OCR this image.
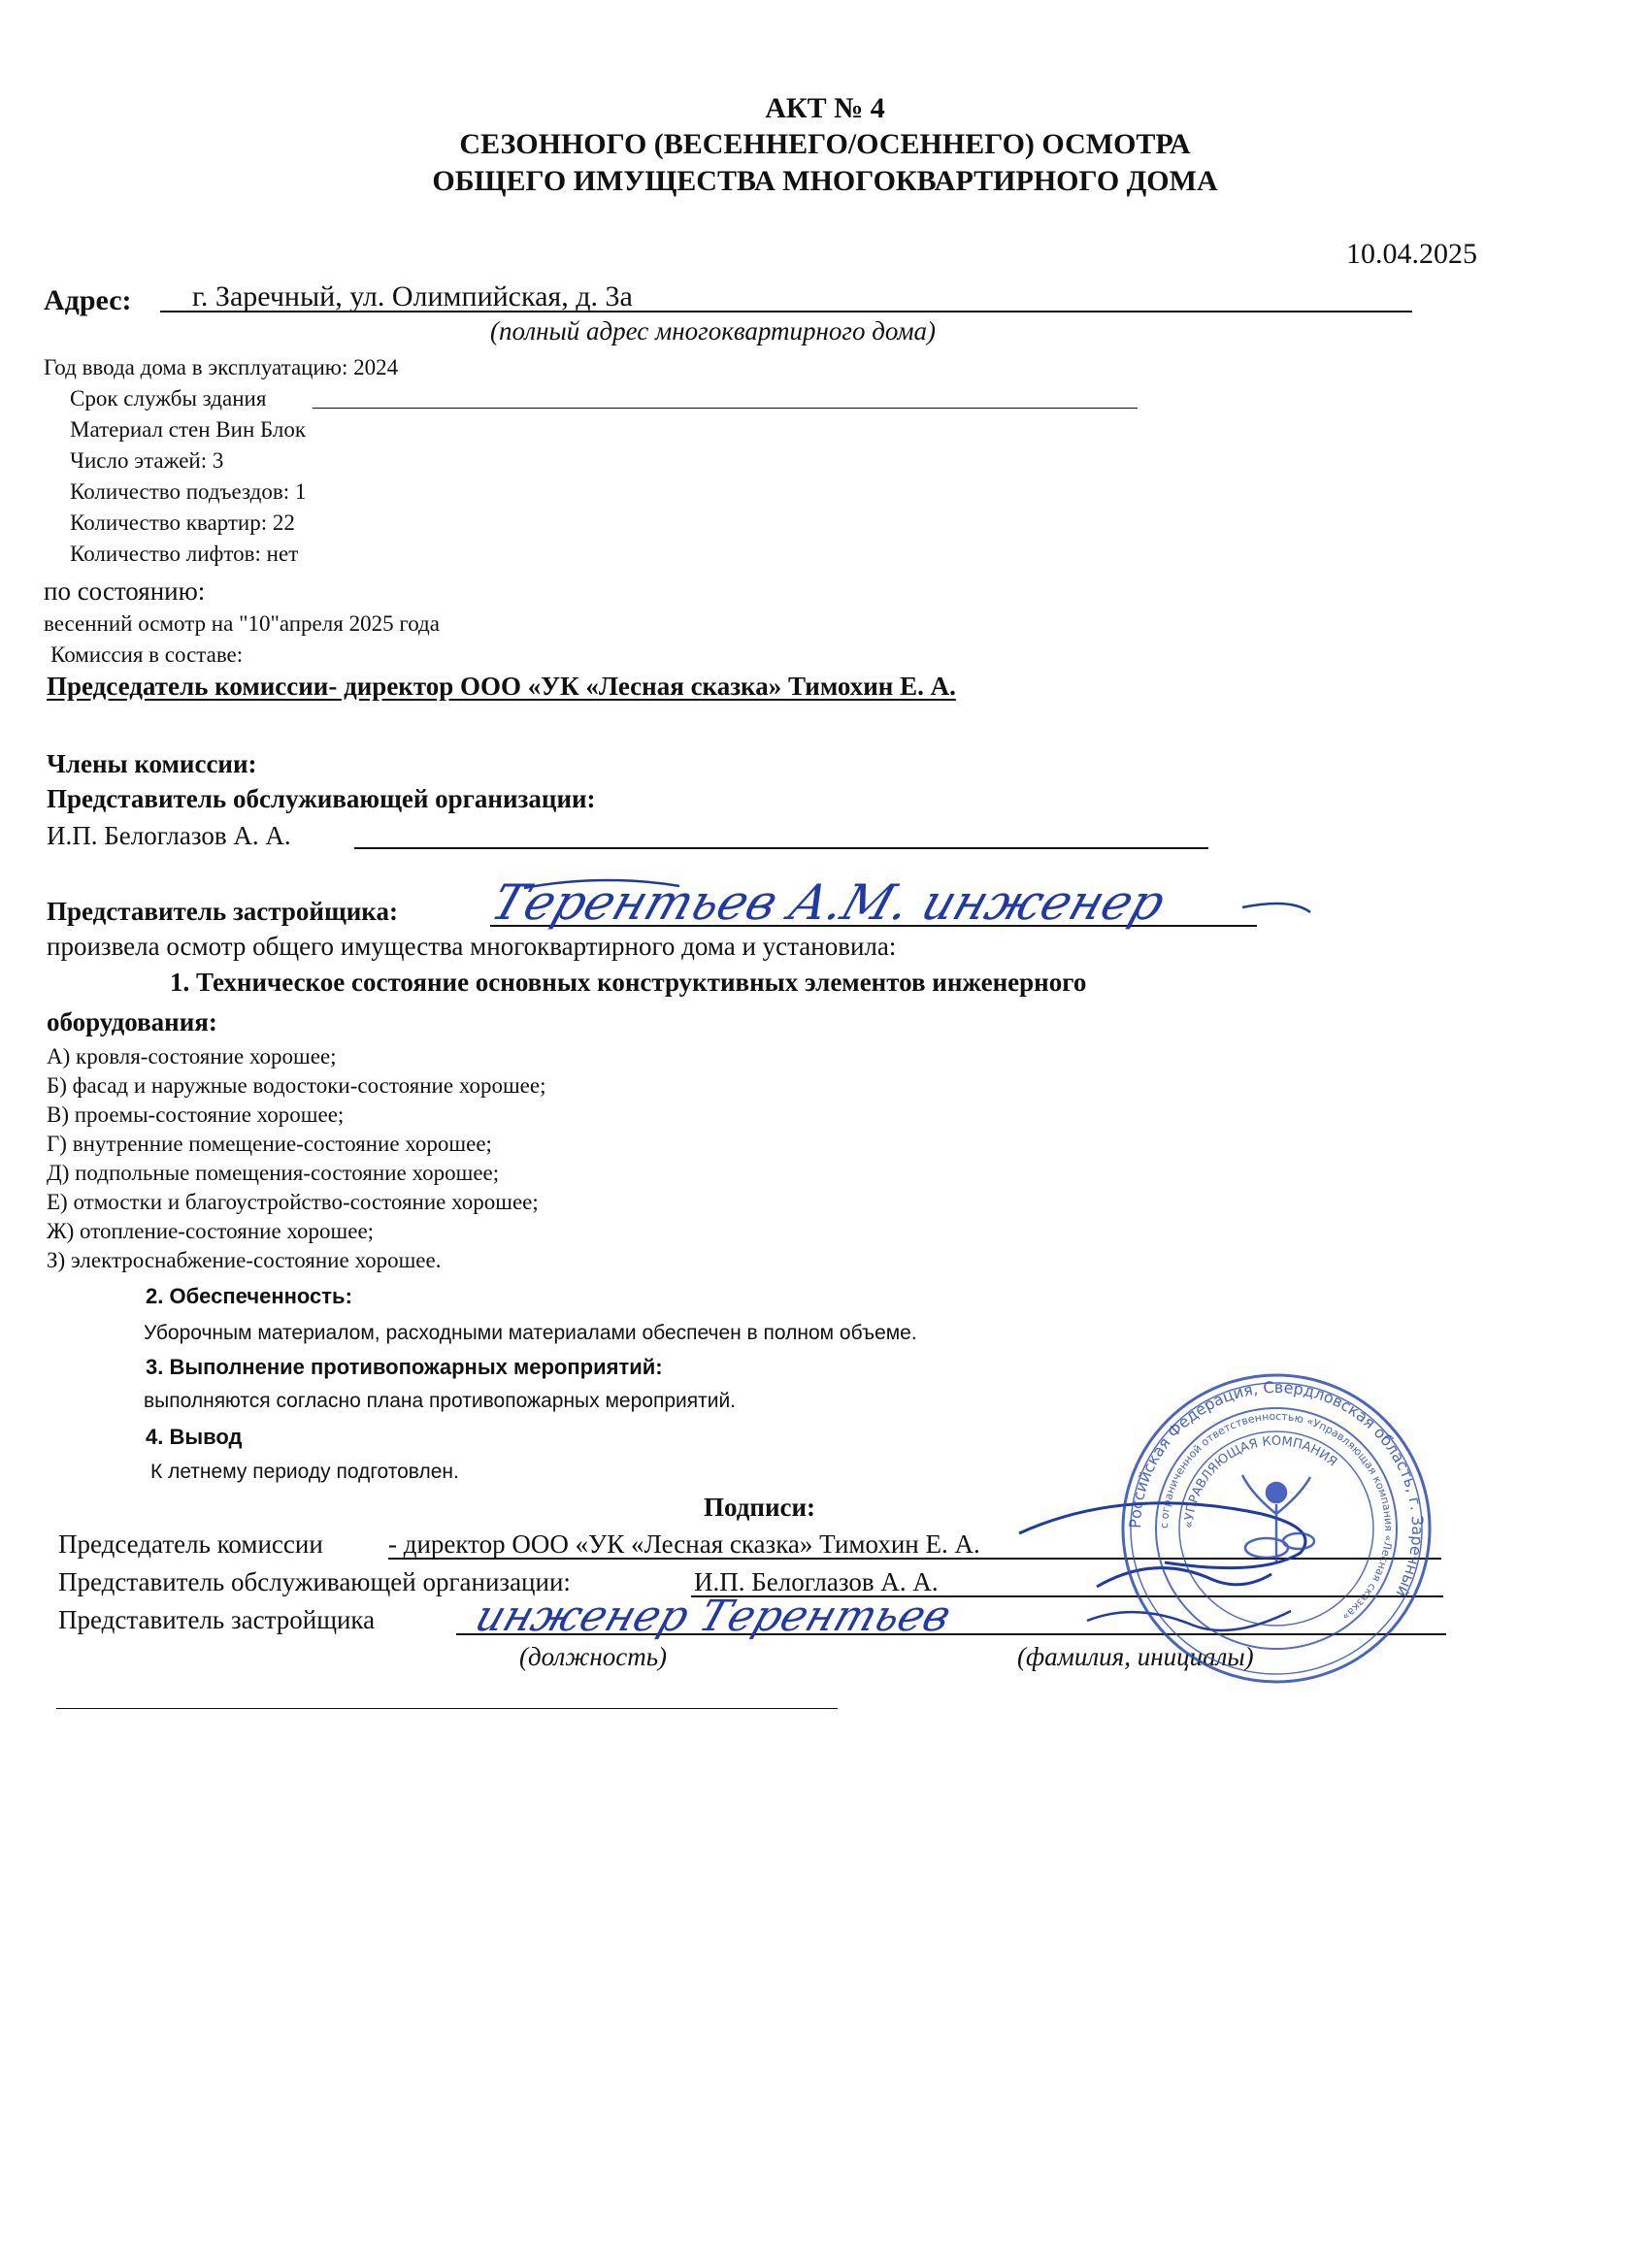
АКТ № 4
СЕЗОННОГО (ВЕСЕННЕГО/ОСЕННЕГО) ОСМОТРА
ОБЩЕГО ИМУЩЕСТВА МНОГОКВАРТИРНОГО ДОМА
10.04.2025
Адрес: г. Заречный, ул. Олимпийская, д. 3а
(полный адрес многоквартирного дома)
Год ввода дома в эксплуатацию: 2024
Срок службы здания
Материал стен Вин Блок
Число этажей: 3
Количество подъездов: 1
Количество квартир: 22
Количество лифтов: нет
по состоянию:
весенний осмотр на "10"апреля 2025 года
Комиссия в составе:
Председатель комиссии- директор ООО «УК «Лесная сказка» Тимохин Е. А.
Члены комиссии:
Представитель обслуживающей организации:
И.П. Белоглазов А. А.
Представитель застройщика: Терентьев А.М. инженер
произвела осмотр общего имущества многоквартирного дома и установила:
1. Техническое состояние основных конструктивных элементов инженерного
оборудования:
А) кровля-состояние хорошее;
Б) фасад и наружные водостоки-состояние хорошее;
В) проемы-состояние хорошее;
Г) внутренние помещение-состояние хорошее;
Д) подпольные помещения-состояние хорошее;
Е) отмостки и благоустройство-состояние хорошее;
Ж) отопление-состояние хорошее;
З) электроснабжение-состояние хорошее.
2. Обеспеченность:
Уборочным материалом, расходными материалами обеспечен в полном объеме.
3. Выполнение противопожарных мероприятий:
выполняются согласно плана противопожарных мероприятий.
4. Вывод
К летнему периоду подготовлен.
Подписи:
Председатель комиссии - директор ООО «УК «Лесная сказка» Тимохин Е. А.
Представитель обслуживающей организации:	И.П. Белоглазов А. А.
Представитель застройщика инженер Терентьев
(должность)	(фамилия, инициалы)
Российская Федерация, Свердловская область, г. Заречный
с ограниченной ответственностью «Управляющая компания «Лесная сказка»
«УПРАВЛЯЮЩАЯ КОМПАНИЯ
